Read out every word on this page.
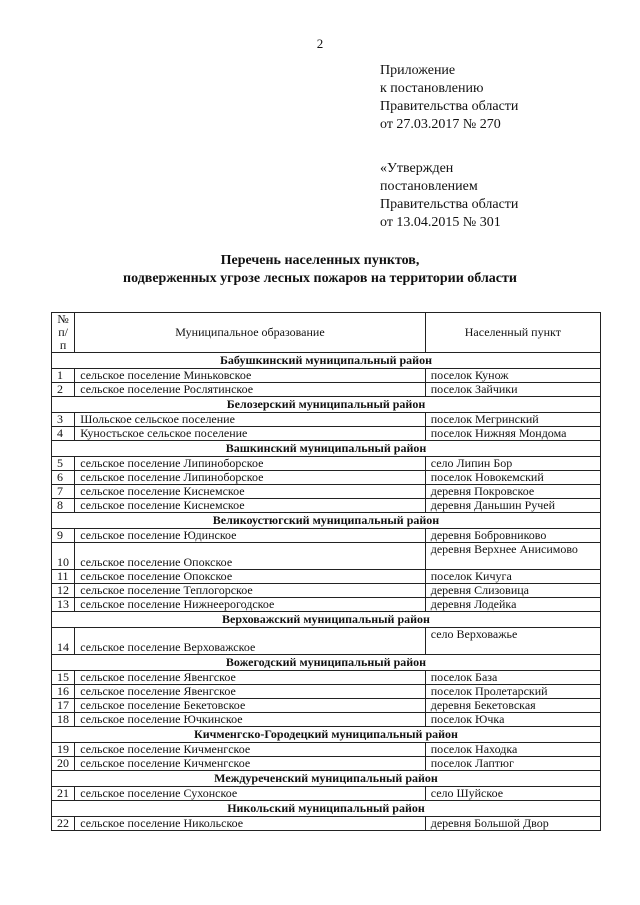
2
Приложение
к постановлению
Правительства области
от 27.03.2017 № 270
«Утвержден
постановлением
Правительства области
от 13.04.2015 № 301
Перечень населенных пунктов,
подверженных угрозе лесных пожаров на территории области
№ п/п	Муниципальное образование	Населенный пункт
Бабушкинский муниципальный район		
1	сельское поселение Миньковское	поселок Кунож
2	сельское поселение Рослятинское	поселок Зайчики
Белозерский муниципальный район		
3	Шольское сельское поселение	поселок Мегринский
4	Куностьское сельское поселение	поселок Нижняя Мондома
Вашкинский муниципальный район		
5	сельское поселение Липиноборское	село Липин Бор
6	сельское поселение Липиноборское	поселок Новокемский
7	сельское поселение Киснемское	деревня Покровское
8	сельское поселение Киснемское	деревня Даньшин Ручей
Великоустюгский муниципальный район		
9	сельское поселение Юдинское	деревня Бобровниково
10	сельское поселение Опокское	деревня Верхнее Анисимово
11	сельское поселение Опокское	поселок Кичуга
12	сельское поселение Теплогорское	деревня Слизовица
13	сельское поселение Нижнеерогодское	деревня Лодейка
Верховажский муниципальный район		
14	сельское поселение Верховажское	село Верховажье
Вожегодский муниципальный район		
15	сельское поселение Явенгское	поселок База
16	сельское поселение Явенгское	поселок Пролетарский
17	сельское поселение Бекетовское	деревня Бекетовская
18	сельское поселение Ючкинское	поселок Ючка
Кичменгско-Городецкий муниципальный район		
19	сельское поселение Кичменгское	поселок Находка
20	сельское поселение Кичменгское	поселок Лаптюг
Междуреченский муниципальный район		
21	сельское поселение Сухонское	село Шуйское
Никольский муниципальный район		
22	сельское поселение Никольское	деревня Большой Двор
